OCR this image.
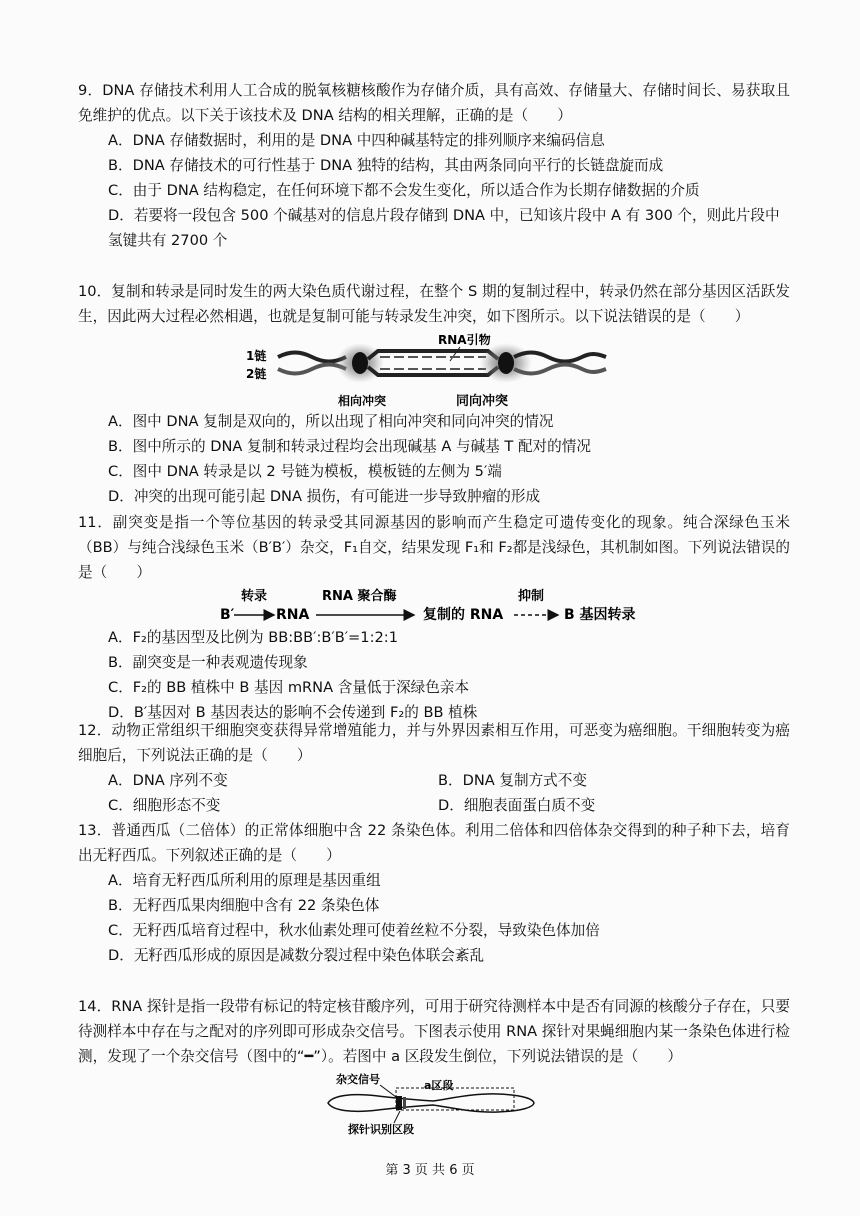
9．DNA 存储技术利用人工合成的脱氧核糖核酸作为存储介质，具有高效、存储量大、存储时间长、易获取且免维护的优点。以下关于该技术及 DNA 结构的相关理解，正确的是（　　）

A．DNA 存储数据时，利用的是 DNA 中四种碱基特定的排列顺序来编码信息

B．DNA 存储技术的可行性基于 DNA 独特的结构，其由两条同向平行的长链盘旋而成

C．由于 DNA 结构稳定，在任何环境下都不会发生变化，所以适合作为长期存储数据的介质

D．若要将一段包含 500 个碱基对的信息片段存储到 DNA 中，已知该片段中 A 有 300 个，则此片段中氢键共有 2700 个

10．复制和转录是同时发生的两大染色质代谢过程，在整个 S 期的复制过程中，转录仍然在部分基因区活跃发生，因此两大过程必然相遇，也就是复制可能与转录发生冲突，如下图所示。以下说法错误的是（　　）

1链
2链
RNA引物
相向冲突	同向冲突

A．图中 DNA 复制是双向的，所以出现了相向冲突和同向冲突的情况

B．图中所示的 DNA 复制和转录过程均会出现碱基 A 与碱基 T 配对的情况

C．图中 DNA 转录是以 2 号链为模板，模板链的左侧为 5′端

D．冲突的出现可能引起 DNA 损伤，有可能进一步导致肿瘤的形成

11．副突变是指一个等位基因的转录受其同源基因的影响而产生稳定可遗传变化的现象。纯合深绿色玉米（BB）与纯合浅绿色玉米（B′B′）杂交，F₁自交，结果发现 F₁和 F₂都是浅绿色，其机制如图。下列说法错误的是（　　）

B′
转录
RNA
RNA 聚合酶
复制的 RNA
抑制
B 基因转录

A．F₂的基因型及比例为 BB:BB′:B′B′=1:2:1

B．副突变是一种表观遗传现象

C．F₂的 BB 植株中 B 基因 mRNA 含量低于深绿色亲本

D．B′基因对 B 基因表达的影响不会传递到 F₂的 BB 植株

12．动物正常组织干细胞突变获得异常增殖能力，并与外界因素相互作用，可恶变为癌细胞。干细胞转变为癌细胞后，下列说法正确的是（　　）

A．DNA 序列不变	B．DNA 复制方式不变
C．细胞形态不变	D．细胞表面蛋白质不变

13．普通西瓜（二倍体）的正常体细胞中含 22 条染色体。利用二倍体和四倍体杂交得到的种子种下去，培育出无籽西瓜。下列叙述正确的是（　　）

A．培育无籽西瓜所利用的原理是基因重组

B．无籽西瓜果肉细胞中含有 22 条染色体

C．无籽西瓜培育过程中，秋水仙素处理可使着丝粒不分裂，导致染色体加倍

D．无籽西瓜形成的原因是减数分裂过程中染色体联会紊乱

14．RNA 探针是指一段带有标记的特定核苷酸序列，可用于研究待测样本中是否有同源的核酸分子存在，只要待测样本中存在与之配对的序列即可形成杂交信号。下图表示使用 RNA 探针对果蝇细胞内某一条染色体进行检测，发现了一个杂交信号（图中的“━”）。若图中 a 区段发生倒位，下列说法错误的是（　　）

杂交信号	a区段
探针识别区段
第 3 页 共 6 页
